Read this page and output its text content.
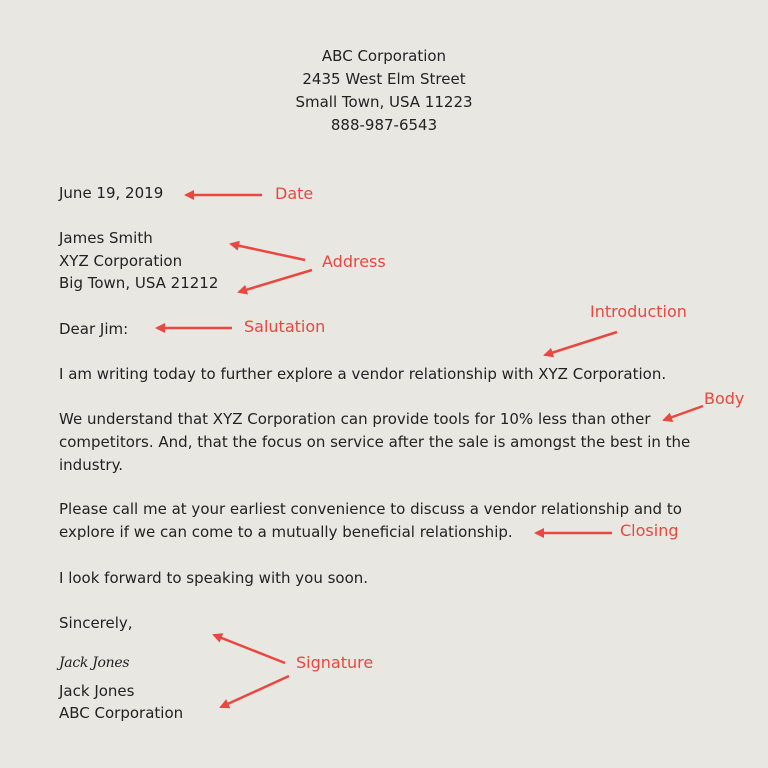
ABC Corporation
2435 West Elm Street
Small Town, USA 11223
888-987-6543
June 19, 2019
James Smith
XYZ Corporation
Big Town, USA 21212
Dear Jim:
I am writing today to further explore a vendor relationship with XYZ Corporation.
We understand that XYZ Corporation can provide tools for 10% less than other
competitors. And, that the focus on service after the sale is amongst the best in the
industry.
Please call me at your earliest convenience to discuss a vendor relationship and to
explore if we can come to a mutually beneficial relationship.
I look forward to speaking with you soon.
Sincerely,
Jack Jones
Jack Jones
ABC Corporation
Date
Address
Salutation
Introduction
Body
Closing
Signature
